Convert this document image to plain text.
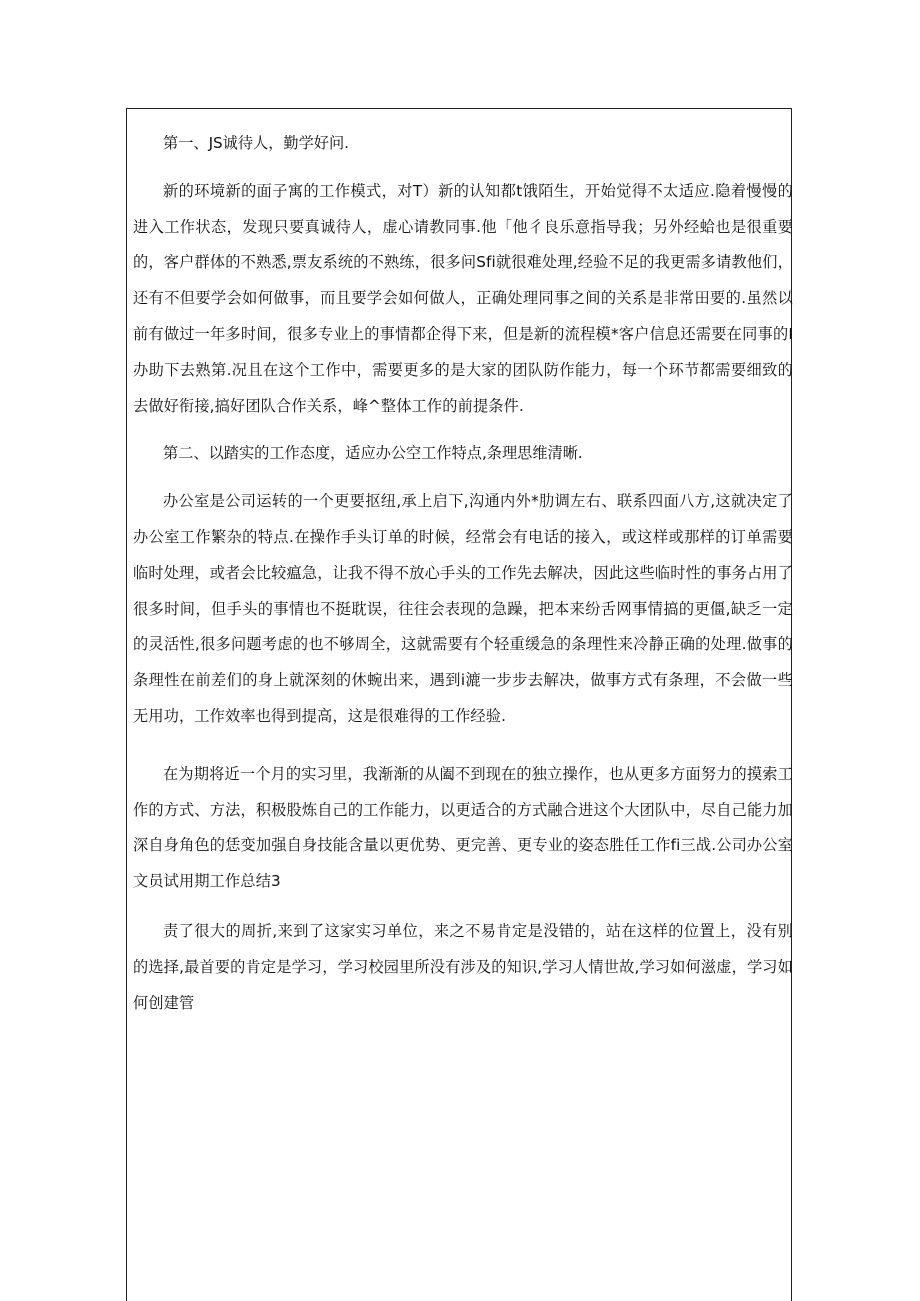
第一、JS诚待人，勤学好问.

新的环境新的面子寓的工作模式，对T）新的认知都t饿陌生，开始觉得不太适应.隐着慢慢的进入工作状态，发现只要真诚待人，虚心请教同事.他「他彳良乐意指导我；另外经蛤也是很重要的，客户群体的不熟悉,票友系统的不熟练，很多问Sfi就很难处理,经验不足的我更需多请教他们，还有不但要学会如何做事，而且要学会如何做人，正确处理同事之间的关系是非常田要的.虽然以前有做过一年多时间，很多专业上的事情都企得下来，但是新的流程模*客户信息还需要在同事的I办助下去熟第.况且在这个工作中，需要更多的是大家的团队防作能力，每一个环节都需要细致的去做好衔接,搞好团队合作关系，峰^整体工作的前提条件.

第二、以踏实的工作态度，适应办公空工作特点,条理思维清晰.

办公室是公司运转的一个更要抠纽,承上启下,沟通内外*肋调左右、联系四面八方,这就决定了办公室工作繁杂的特点.在操作手头订单的时候，经常会有电话的接入，或这样或那样的订单需要临时处理，或者会比较瘟急，让我不得不放心手头的工作先去解决，因此这些临时性的事务占用了很多时间，但手头的事情也不挺耽误，往往会表现的急躁，把本来纷舌网事情搞的更僵,缺乏一定的灵活性,很多问题考虑的也不够周全，这就需要有个轻重缓急的条理性来冷静正确的处理.做事的条理性在前差们的身上就深刻的休蜿出来，遇到i漉一步步去解决，做事方式有条理，不会做一些无用功，工作效率也得到提高，这是很难得的工作经验.

在为期将近一个月的实习里，我渐渐的从阖不到现在的独立操作，也从更多方面努力的摸索工作的方式、方法，积极股炼自己的工作能力，以更适合的方式融合进这个大团队中，尽自己能力加深自身角色的恁变加强自身技能含量以更优势、更完善、更专业的姿态胜任工作fi三战.公司办公室文员试用期工作总结3

责了很大的周折,来到了这家实习单位，来之不易肯定是没错的，站在这样的位置上，没有别的选择,最首要的肯定是学习，学习校园里所没有涉及的知识,学习人情世故,学习如何滋虚，学习如何创建管
